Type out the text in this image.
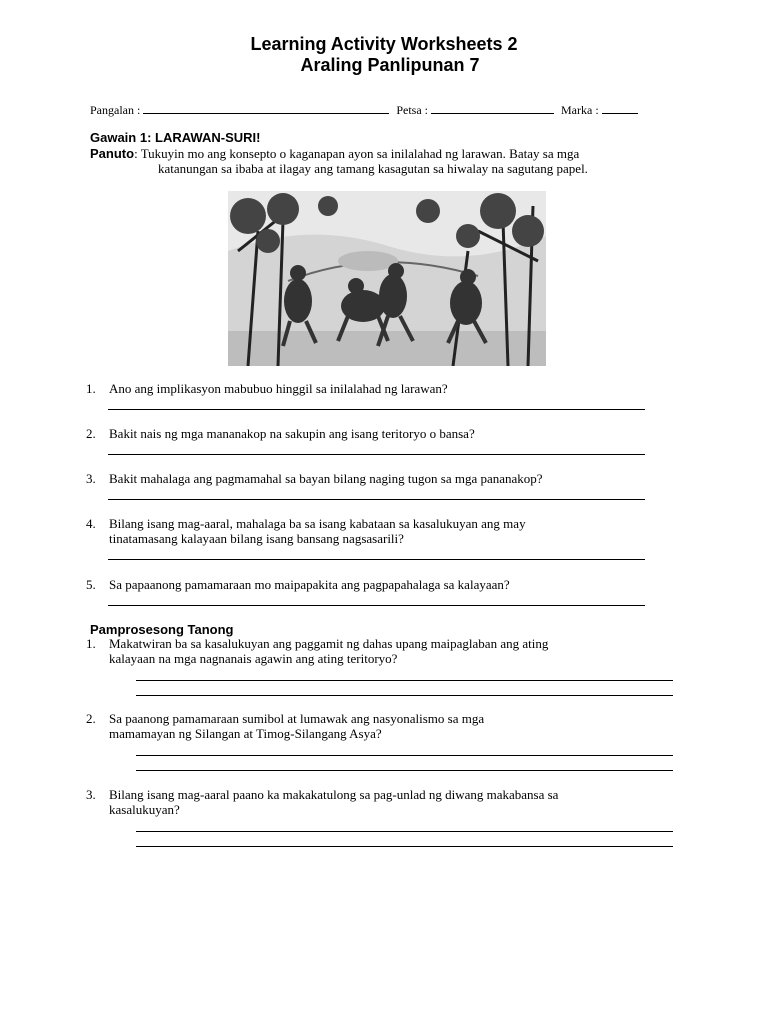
Learning Activity Worksheets 2
Araling Panlipunan 7
Pangalan :	Petsa :	Marka :
Gawain 1: LARAWAN-SURI!
Panuto: Tukuyin mo ang konsepto o kaganapan ayon sa inilalahad ng larawan. Batay sa mga
katanungan sa ibaba at ilagay ang tamang kasagutan sa hiwalay na sagutang papel.
1. Ano ang implikasyon mabubuo hinggil sa inilalahad ng larawan?
2. Bakit nais ng mga mananakop na sakupin ang isang teritoryo o bansa?
3. Bakit mahalaga ang pagmamahal sa bayan bilang naging tugon sa mga pananakop?
4. Bilang isang mag-aaral, mahalaga ba sa isang kabataan sa kasalukuyan ang may
tinatamasang kalayaan bilang isang bansang nagsasarili?
5. Sa papaanong pamamaraan mo maipapakita ang pagpapahalaga sa kalayaan?
Pamprosesong Tanong
1. Makatwiran ba sa kasalukuyan ang paggamit ng dahas upang maipaglaban ang ating
kalayaan na mga nagnanais agawin ang ating teritoryo?
2. Sa paanong pamamaraan sumibol at lumawak ang nasyonalismo sa mga
mamamayan ng Silangan at Timog-Silangang Asya?
3. Bilang isang mag-aaral paano ka makakatulong sa pag-unlad ng diwang makabansa sa
kasalukuyan?
